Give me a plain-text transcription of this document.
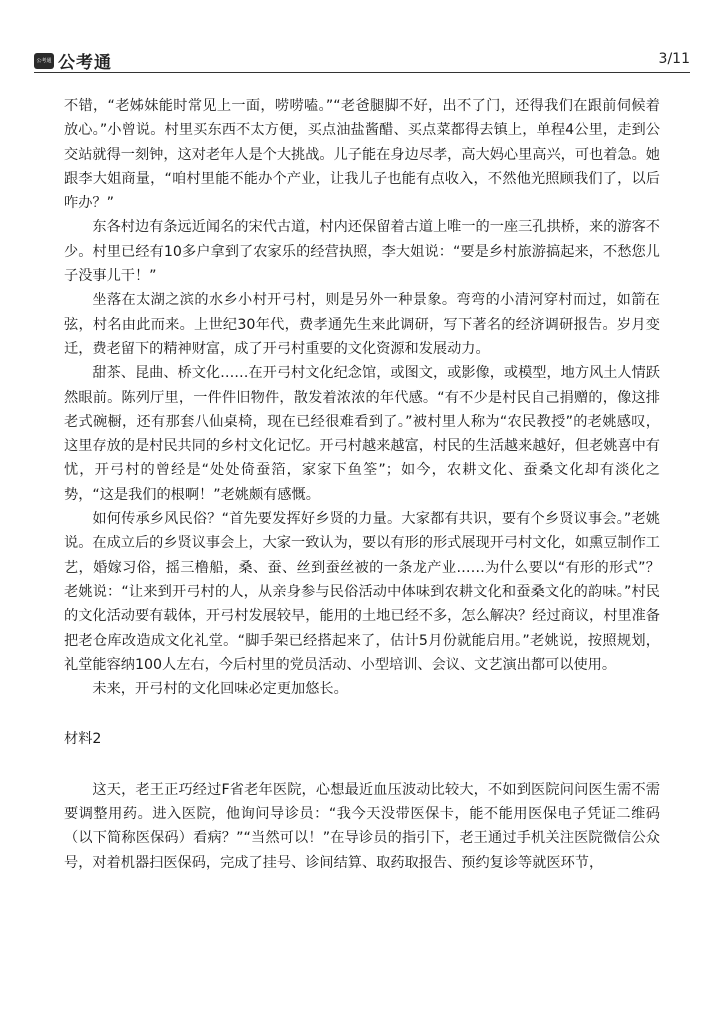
公考通 公考通	3/11

不错，“老姊妹能时常见上一面，唠唠嗑。”“老爸腿脚不好，出不了门，还得我们在跟前伺候着放心。”小曾说。村里买东西不太方便，买点油盐酱醋、买点菜都得去镇上，单程4公里，走到公交站就得一刻钟，这对老年人是个大挑战。儿子能在身边尽孝，高大妈心里高兴，可也着急。她跟李大姐商量，“咱村里能不能办个产业，让我儿子也能有点收入，不然他光照顾我们了，以后咋办？”

东各村边有条远近闻名的宋代古道，村内还保留着古道上唯一的一座三孔拱桥，来的游客不少。村里已经有10多户拿到了农家乐的经营执照，李大姐说：“要是乡村旅游搞起来，不愁您儿子没事儿干！”

坐落在太湖之滨的水乡小村开弓村，则是另外一种景象。弯弯的小清河穿村而过，如箭在弦，村名由此而来。上世纪30年代，费孝通先生来此调研，写下著名的经济调研报告。岁月变迁，费老留下的精神财富，成了开弓村重要的文化资源和发展动力。

甜茶、昆曲、桥文化……在开弓村文化纪念馆，或图文，或影像，或模型，地方风土人情跃然眼前。陈列厅里，一件件旧物件，散发着浓浓的年代感。“有不少是村民自己捐赠的，像这排老式碗橱，还有那套八仙桌椅，现在已经很难看到了。”被村里人称为“农民教授”的老姚感叹，这里存放的是村民共同的乡村文化记忆。开弓村越来越富，村民的生活越来越好，但老姚喜中有忧，开弓村的曾经是“处处倚蚕箔，家家下鱼筌”；如今，农耕文化、蚕桑文化却有淡化之势，“这是我们的根啊！”老姚颇有感慨。

如何传承乡风民俗？“首先要发挥好乡贤的力量。大家都有共识，要有个乡贤议事会。”老姚说。在成立后的乡贤议事会上，大家一致认为，要以有形的形式展现开弓村文化，如熏豆制作工艺，婚嫁习俗，摇三橹船，桑、蚕、丝到蚕丝被的一条龙产业……为什么要以“有形的形式”？老姚说：“让来到开弓村的人，从亲身参与民俗活动中体味到农耕文化和蚕桑文化的韵味。”村民的文化活动要有载体，开弓村发展较早，能用的土地已经不多，怎么解决？经过商议，村里准备把老仓库改造成文化礼堂。“脚手架已经搭起来了，估计5月份就能启用。”老姚说，按照规划，礼堂能容纳100人左右，今后村里的党员活动、小型培训、会议、文艺演出都可以使用。

未来，开弓村的文化回味必定更加悠长。

材料2

这天，老王正巧经过F省老年医院，心想最近血压波动比较大，不如到医院问问医生需不需要调整用药。进入医院，他询问导诊员：“我今天没带医保卡，能不能用医保电子凭证二维码（以下简称医保码）看病？”“当然可以！”在导诊员的指引下，老王通过手机关注医院微信公众号，对着机器扫医保码，完成了挂号、诊间结算、取药取报告、预约复诊等就医环节，
